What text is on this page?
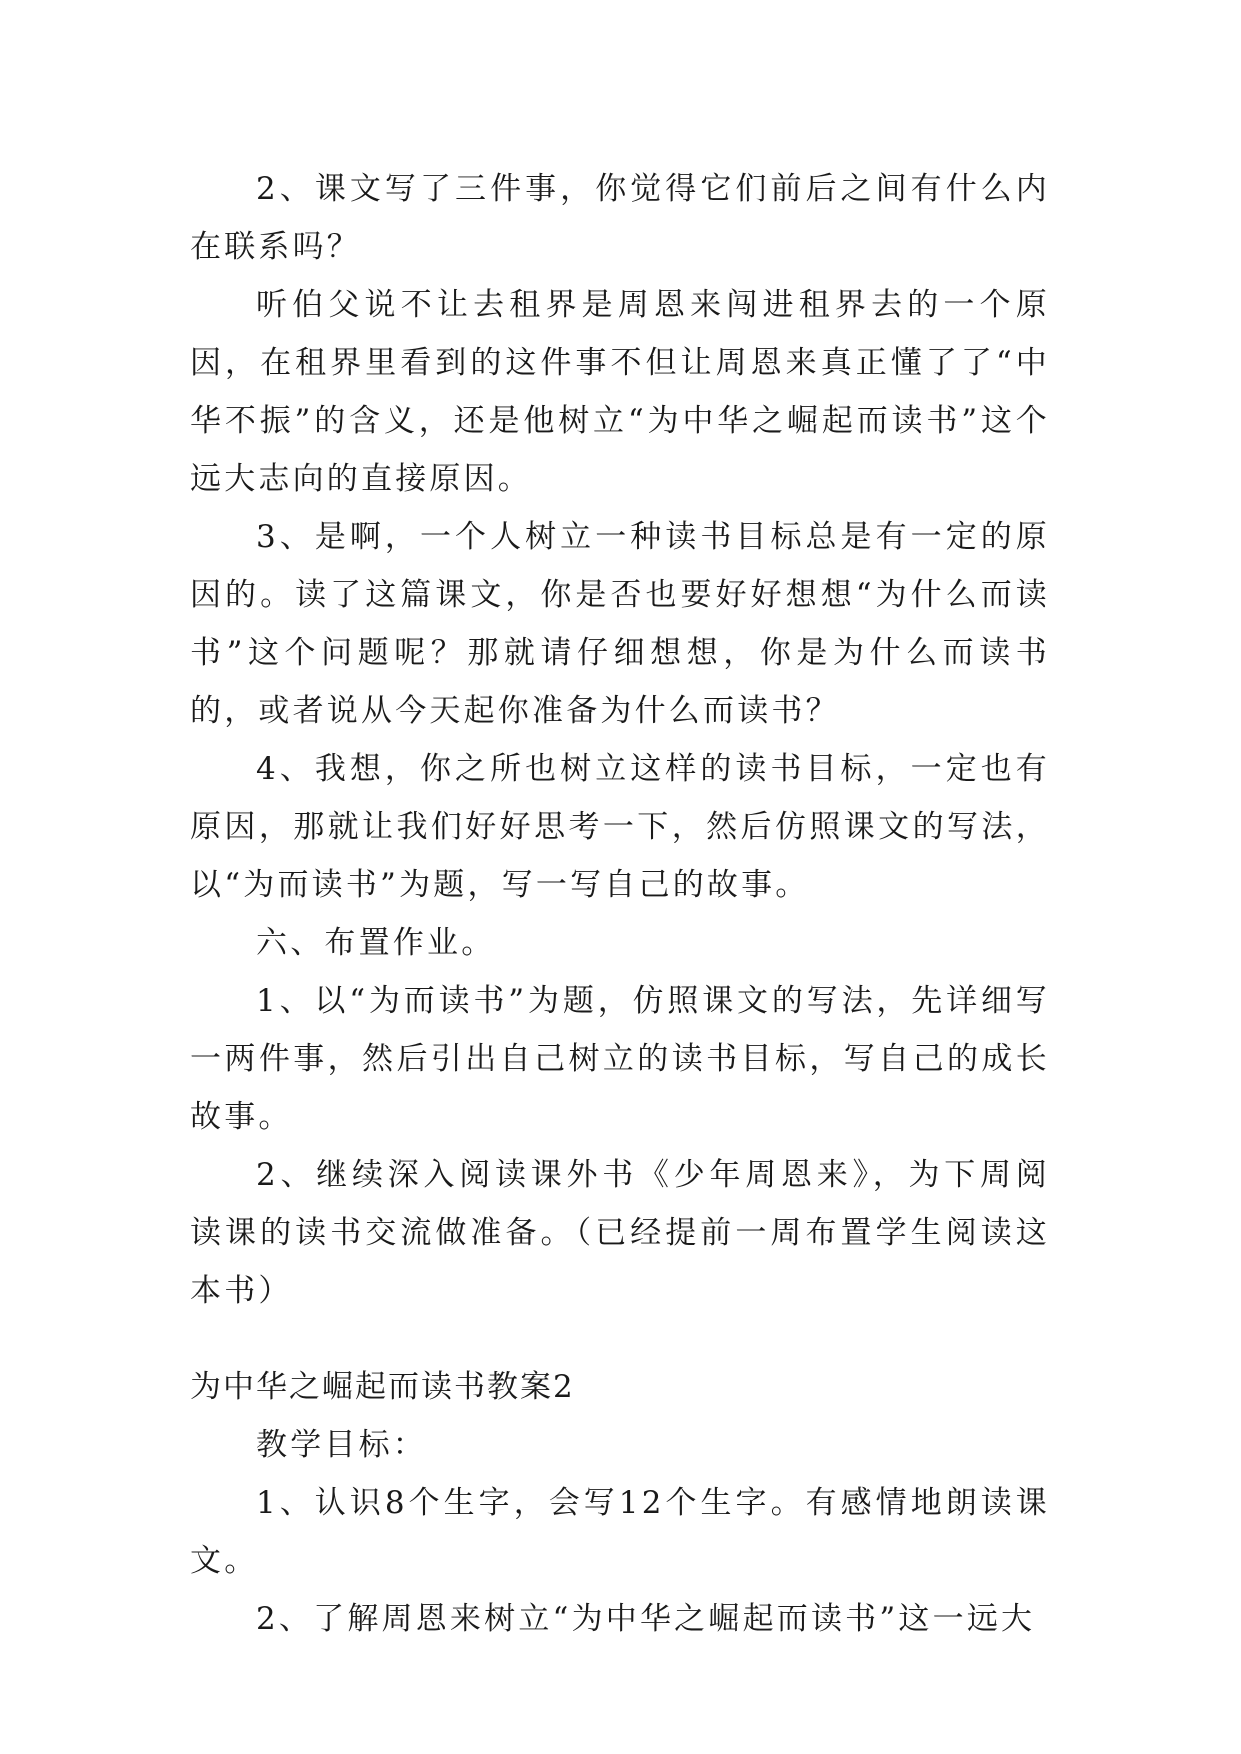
2、课文写了三件事，你觉得它们前后之间有什么内在联系吗？

听伯父说不让去租界是周恩来闯进租界去的一个原因，在租界里看到的这件事不但让周恩来真正懂了了“中华不振”的含义，还是他树立“为中华之崛起而读书”这个远大志向的直接原因。

3、是啊，一个人树立一种读书目标总是有一定的原因的。读了这篇课文，你是否也要好好想想“为什么而读书”这个问题呢？那就请仔细想想，你是为什么而读书的，或者说从今天起你准备为什么而读书？

4、我想，你之所也树立这样的读书目标，一定也有原因，那就让我们好好思考一下，然后仿照课文的写法，以“为而读书”为题，写一写自己的故事。

六、布置作业。

1、以“为而读书”为题，仿照课文的写法，先详细写一两件事，然后引出自己树立的读书目标，写自己的成长故事。

2、继续深入阅读课外书《少年周恩来》，为下周阅读课的读书交流做准备。（已经提前一周布置学生阅读这本书）

为中华之崛起而读书教案2

教学目标：

1、认识8个生字，会写12个生字。有感情地朗读课文。

2、了解周恩来树立“为中华之崛起而读书”这一远大
